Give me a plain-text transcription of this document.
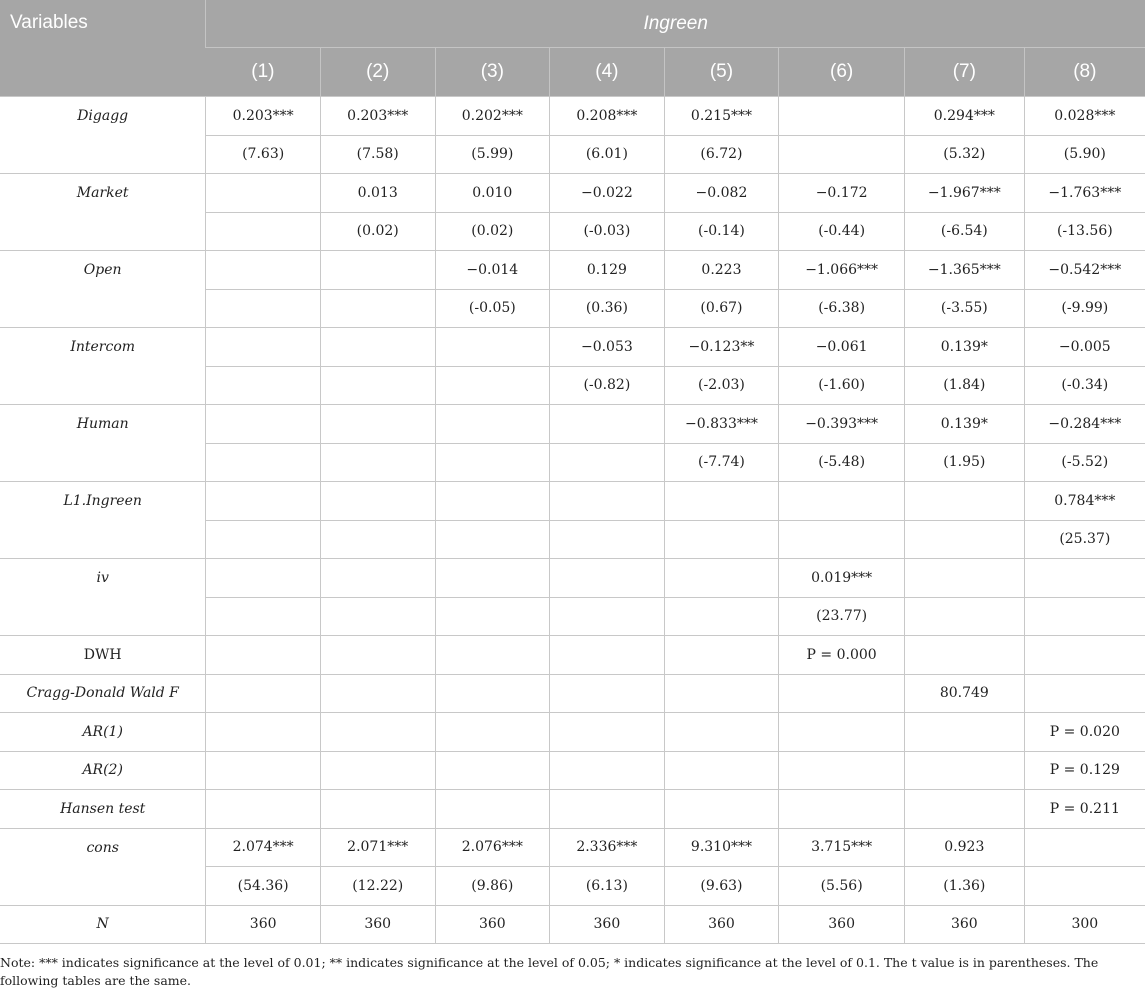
Variables	Ingreen							
	(1)	(2)	(3)	(4)	(5)	(6)	(7)	(8)
Digagg	0.203***	0.203***	0.202***	0.208***	0.215***		0.294***	0.028***
	(7.63)	(7.58)	(5.99)	(6.01)	(6.72)		(5.32)	(5.90)
Market		0.013	0.010	−0.022	−0.082	−0.172	−1.967***	−1.763***
		(0.02)	(0.02)	(-0.03)	(-0.14)	(-0.44)	(-6.54)	(-13.56)
Open			−0.014	0.129	0.223	−1.066***	−1.365***	−0.542***
			(-0.05)	(0.36)	(0.67)	(-6.38)	(-3.55)	(-9.99)
Intercom				−0.053	−0.123**	−0.061	0.139*	−0.005
				(-0.82)	(-2.03)	(-1.60)	(1.84)	(-0.34)
Human					−0.833***	−0.393***	0.139*	−0.284***
					(-7.74)	(-5.48)	(1.95)	(-5.52)
L1.Ingreen								0.784***
								(25.37)
iv						0.019***		
						(23.77)		
DWH						P = 0.000		
Cragg-Donald Wald F							80.749	
AR(1)								P = 0.020
AR(2)								P = 0.129
Hansen test								P = 0.211
cons	2.074***	2.071***	2.076***	2.336***	9.310***	3.715***	0.923	
	(54.36)	(12.22)	(9.86)	(6.13)	(9.63)	(5.56)	(1.36)	
N	360	360	360	360	360	360	360	300
Note: *** indicates significance at the level of 0.01; ** indicates significance at the level of 0.05; * indicates significance at the level of 0.1. The t value is in parentheses. The following tables are the same.
